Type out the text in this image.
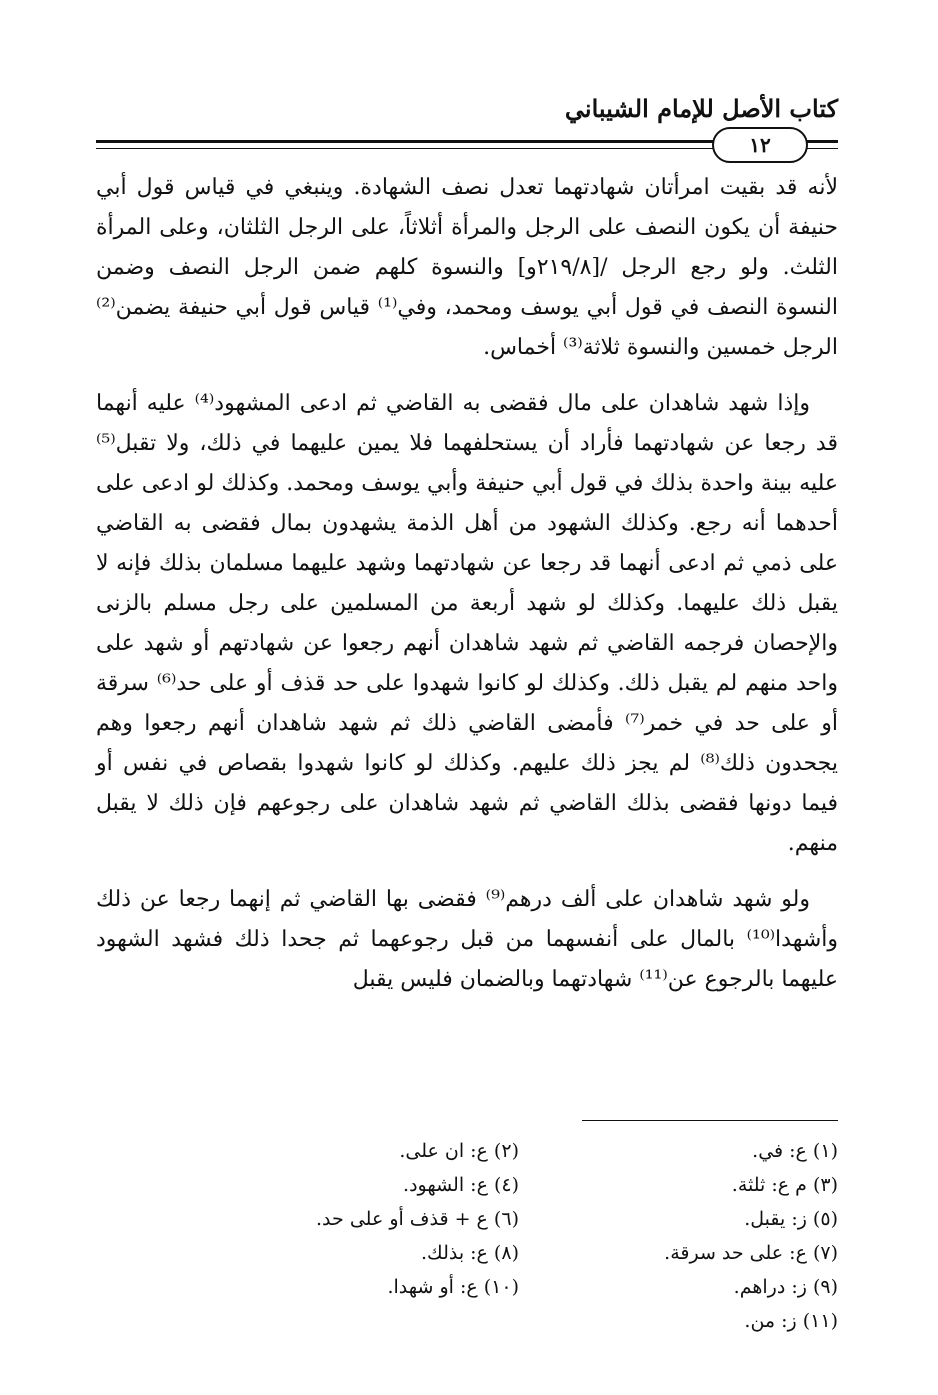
كتاب الأصل للإمام الشيباني
١٢

لأنه قد بقيت امرأتان شهادتهما تعدل نصف الشهادة. وينبغي في قياس قول أبي حنيفة أن يكون النصف على الرجل والمرأة أثلاثاً، على الرجل الثلثان، وعلى المرأة الثلث. ولو رجع الرجل /[٢١٩/٨و] والنسوة كلهم ضمن الرجل النصف وضمن النسوة النصف في قول أبي يوسف ومحمد، وفي⁽¹⁾ قياس قول أبي حنيفة يضمن⁽²⁾ الرجل خمسين والنسوة ثلاثة⁽³⁾ أخماس.

وإذا شهد شاهدان على مال فقضى به القاضي ثم ادعى المشهود⁽⁴⁾ عليه أنهما قد رجعا عن شهادتهما فأراد أن يستحلفهما فلا يمين عليهما في ذلك، ولا تقبل⁽⁵⁾ عليه بينة واحدة بذلك في قول أبي حنيفة وأبي يوسف ومحمد. وكذلك لو ادعى على أحدهما أنه رجع. وكذلك الشهود من أهل الذمة يشهدون بمال فقضى به القاضي على ذمي ثم ادعى أنهما قد رجعا عن شهادتهما وشهد عليهما مسلمان بذلك فإنه لا يقبل ذلك عليهما. وكذلك لو شهد أربعة من المسلمين على رجل مسلم بالزنى والإحصان فرجمه القاضي ثم شهد شاهدان أنهم رجعوا عن شهادتهم أو شهد على واحد منهم لم يقبل ذلك. وكذلك لو كانوا شهدوا على حد قذف أو على حد⁽⁶⁾ سرقة أو على حد في خمر⁽⁷⁾ فأمضى القاضي ذلك ثم شهد شاهدان أنهم رجعوا وهم يجحدون ذلك⁽⁸⁾ لم يجز ذلك عليهم. وكذلك لو كانوا شهدوا بقصاص في نفس أو فيما دونها فقضى بذلك القاضي ثم شهد شاهدان على رجوعهم فإن ذلك لا يقبل منهم.

ولو شهد شاهدان على ألف درهم⁽⁹⁾ فقضى بها القاضي ثم إنهما رجعا عن ذلك وأشهدا⁽¹⁰⁾ بالمال على أنفسهما من قبل رجوعهما ثم جحدا ذلك فشهد الشهود عليهما بالرجوع عن⁽¹¹⁾ شهادتهما وبالضمان فليس يقبل

(١) ع: في.
(٣) م ع: ثلثة.
(٥) ز: يقبل.
(٧) ع: على حد سرقة.
(٩) ز: دراهم.
(١١) ز: من.
(٢) ع: ان على.
(٤) ع: الشهود.
(٦) ع + قذف أو على حد.
(٨) ع: بذلك.
(١٠) ع: أو شهدا.
